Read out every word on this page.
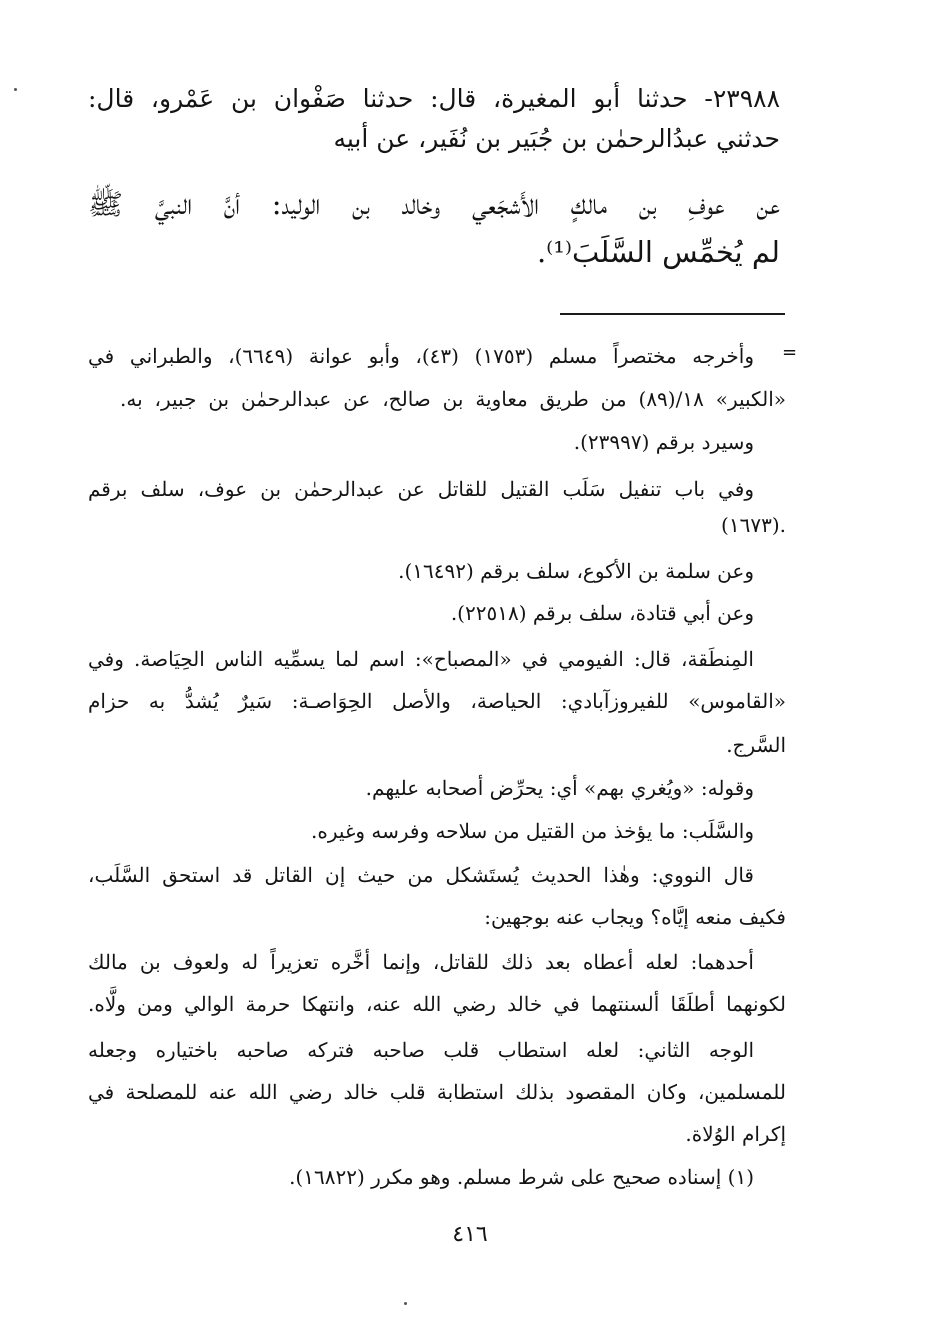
٢٣٩٨٨- حدثنا أبو المغيرة، قال: حدثنا صَفْوان بن عَمْرو، قال:
حدثني عبدُالرحمٰن بن جُبَير بن نُفَير، عن أبيه
عن عوفِ بن مالكٍ الأَشجَعي وخالد بن الوليد: أنَّ النبيَّ ﷺ
لم يُخمِّس السَّلَبَ⁽¹⁾.
=
وأخرجه مختصراً مسلم (١٧٥٣) (٤٣)، وأبو عوانة (٦٦٤٩)، والطبراني في
«الكبير» ١٨/(٨٩) من طريق معاوية بن صالح، عن عبدالرحمٰن بن جبير، به.
وسيرد برقم (٢٣٩٩٧).
وفي باب تنفيل سَلَب القتيل للقاتل عن عبدالرحمٰن بن عوف، سلف برقم
(١٦٧٣).
وعن سلمة بن الأكوع، سلف برقم (١٦٤٩٢).
وعن أبي قتادة، سلف برقم (٢٢٥١٨).
المِنطَقة، قال: الفيومي في «المصباح»: اسم لما يسمِّيه الناس الحِيَاصة. وفي
«القاموس» للفيروزآبادي: الحياصة، والأصل الحِوَاصـة: سَيرٌ يُشدُّ به حزام
السَّرج.
وقوله: «ويُغري بهم» أي: يحرِّض أصحابه عليهم.
والسَّلَب: ما يؤخذ من القتيل من سلاحه وفرسه وغيره.
قال النووي: وهٰذا الحديث يُستَشكل من حيث إن القاتل قد استحق السَّلَب،
فكيف منعه إيَّاه؟ ويجاب عنه بوجهين:
أحدهما: لعله أعطاه بعد ذلك للقاتل، وإنما أخَّره تعزيراً له ولعوف بن مالك
لكونهما أطلَقَا ألسنتهما في خالد رضي الله عنه، وانتهكا حرمة الوالي ومن ولَّاه.
الوجه الثاني: لعله استطاب قلب صاحبه فتركه صاحبه باختياره وجعله
للمسلمين، وكان المقصود بذلك استطابة قلب خالد رضي الله عنه للمصلحة في
إكرام الوُلاة.
(١) إسناده صحيح على شرط مسلم. وهو مكرر (١٦٨٢٢).
٤١٦
